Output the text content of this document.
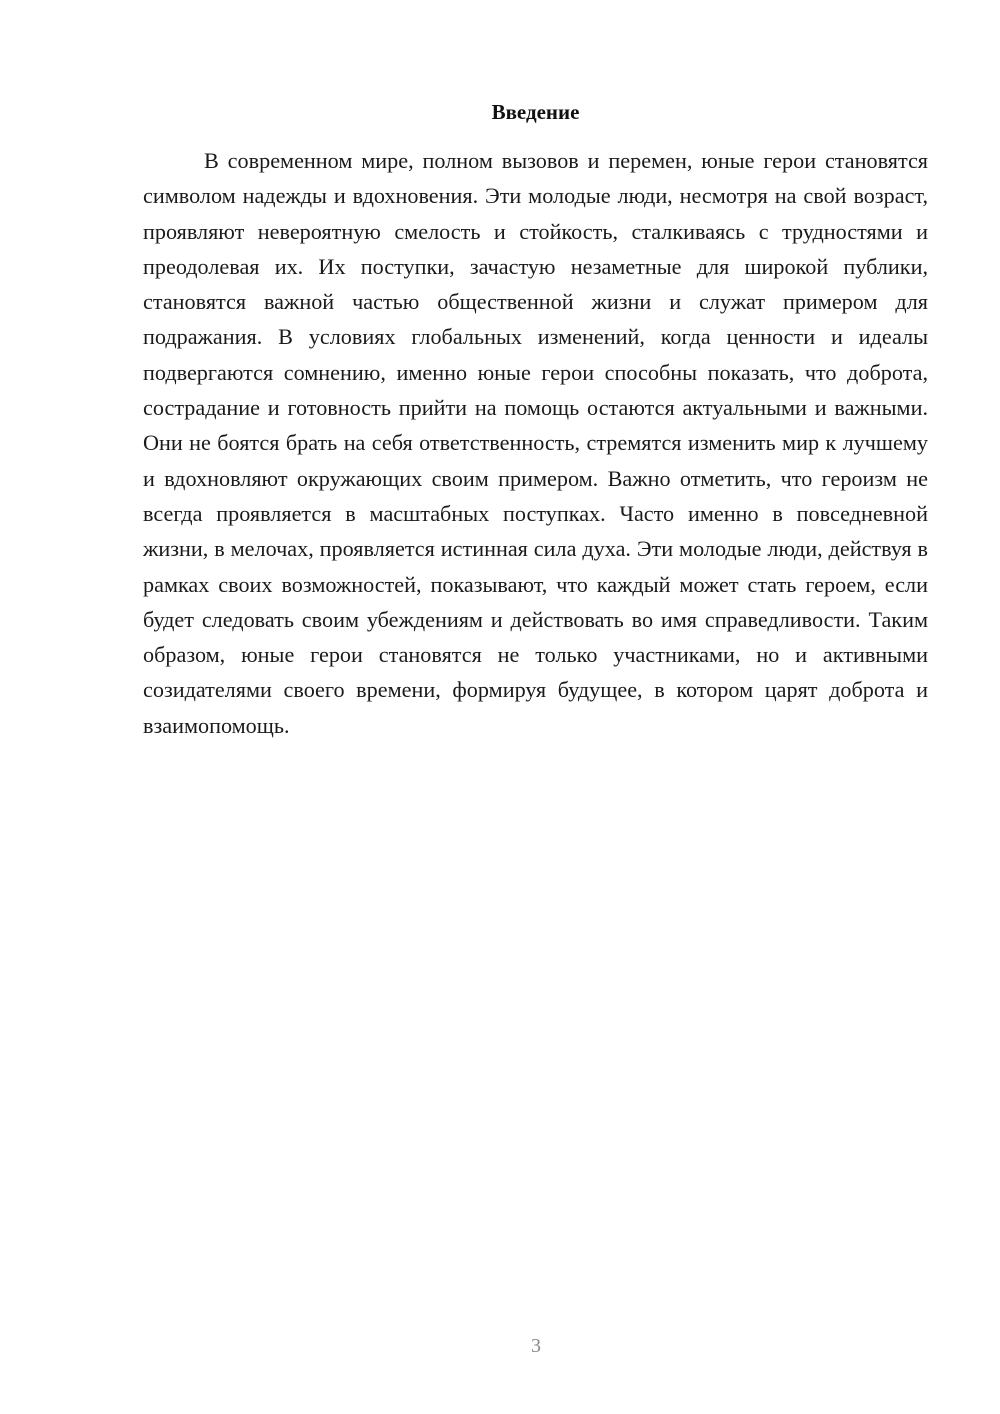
Введение

В современном мире, полном вызовов и перемен, юные герои становятся символом надежды и вдохновения. Эти молодые люди, несмотря на свой возраст, проявляют невероятную смелость и стойкость, сталкиваясь с трудностями и преодолевая их. Их поступки, зачастую незаметные для широкой публики, становятся важной частью общественной жизни и служат примером для подражания. В условиях глобальных изменений, когда ценности и идеалы подвергаются сомнению, именно юные герои способны показать, что доброта, сострадание и готовность прийти на помощь остаются актуальными и важными. Они не боятся брать на себя ответственность, стремятся изменить мир к лучшему и вдохновляют окружающих своим примером. Важно отметить, что героизм не всегда проявляется в масштабных поступках. Часто именно в повседневной жизни, в мелочах, проявляется истинная сила духа. Эти молодые люди, действуя в рамках своих возможностей, показывают, что каждый может стать героем, если будет следовать своим убеждениям и действовать во имя справедливости. Таким образом, юные герои становятся не только участниками, но и активными созидателями своего времени, формируя будущее, в котором царят доброта и взаимопомощь.

3
